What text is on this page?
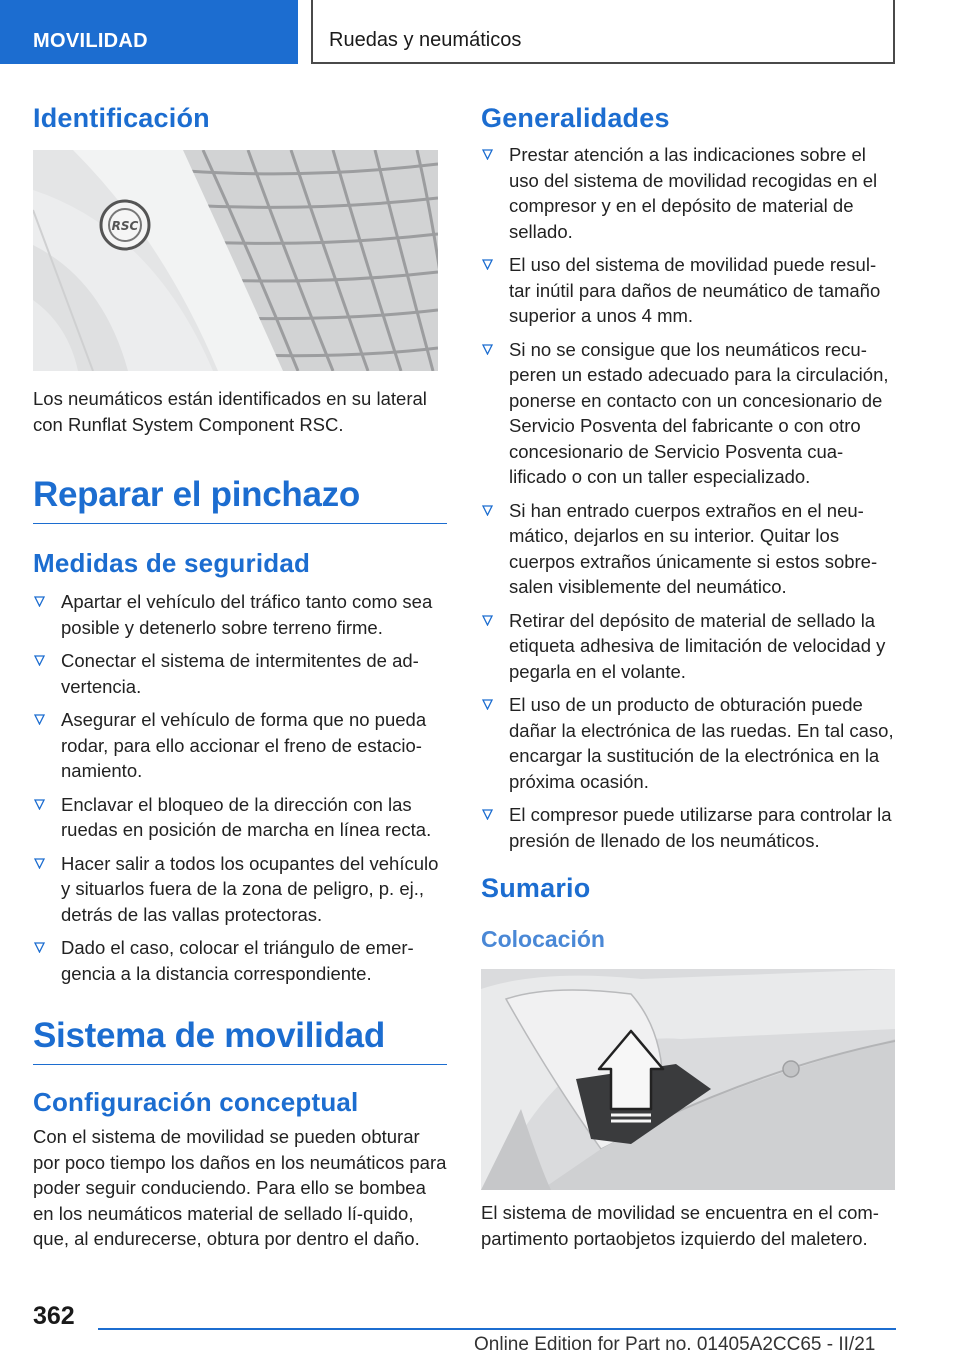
MOVILIDAD	Ruedas y neumáticos
Identificación
RSC

Los neumáticos están identificados en su lateral con Runflat System Component RSC.

Reparar el pinchazo
Medidas de seguridad
Apartar el vehículo del tráfico tanto como sea posible y detenerlo sobre terreno firme.
Conectar el sistema de intermitentes de ad-vertencia.
Asegurar el vehículo de forma que no pueda rodar, para ello accionar el freno de estacio-namiento.
Enclavar el bloqueo de la dirección con las ruedas en posición de marcha en línea recta.
Hacer salir a todos los ocupantes del vehículo y situarlos fuera de la zona de peligro, p. ej., detrás de las vallas protectoras.
Dado el caso, colocar el triángulo de emer-gencia a la distancia correspondiente.
Sistema de movilidad
Configuración conceptual

Con el sistema de movilidad se pueden obturar por poco tiempo los daños en los neumáticos para poder seguir conduciendo. Para ello se bombea en los neumáticos material de sellado lí-quido, que, al endurecerse, obtura por dentro el daño.

Generalidades
Prestar atención a las indicaciones sobre el uso del sistema de movilidad recogidas en el compresor y en el depósito de material de sellado.
El uso del sistema de movilidad puede resul-tar inútil para daños de neumático de tamaño superior a unos 4 mm.
Si no se consigue que los neumáticos recu-peren un estado adecuado para la circulación, ponerse en contacto con un concesionario de Servicio Posventa del fabricante o con otro concesionario de Servicio Posventa cua-lificado o con un taller especializado.
Si han entrado cuerpos extraños en el neu-mático, dejarlos en su interior. Quitar los cuerpos extraños únicamente si estos sobre-salen visiblemente del neumático.
Retirar del depósito de material de sellado la etiqueta adhesiva de limitación de velocidad y pegarla en el volante.
El uso de un producto de obturación puede dañar la electrónica de las ruedas. En tal caso, encargar la sustitución de la electrónica en la próxima ocasión.
El compresor puede utilizarse para controlar la presión de llenado de los neumáticos.
Sumario
Colocación

El sistema de movilidad se encuentra en el com-partimento portaobjetos izquierdo del maletero.

362
Online Edition for Part no. 01405A2CC65 - II/21
